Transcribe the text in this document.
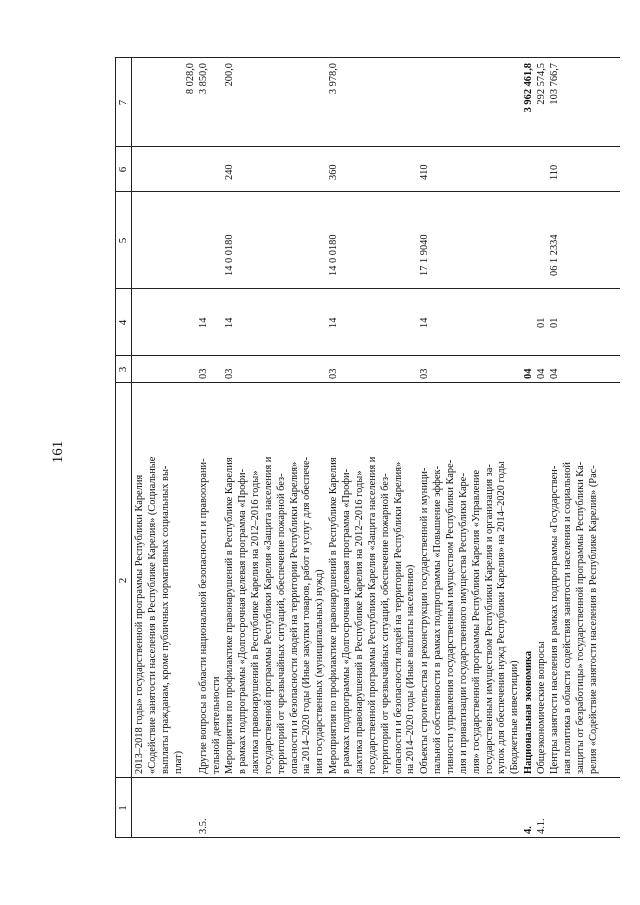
161
1
2
3
4
5
6
7
2013–2018 годы» государственной программы Республики Карелия «Содействие занятости населения в Республике Карелия» (Социальные выплаты гражданам, кроме публичных нормативных социальных вы- плат)
8 028,0
3.5.
Другие вопросы в области национальной безопасности и правоохрани- тельной деятельности
03
14
3 850,0
Мероприятия по профилактике правонарушений в Республике Карелия в рамках подпрограммы «Долгосрочная целевая программа «Профи- лактика правонарушений в Республике Карелия на 2012–2016 годы» государственной программы Республики Карелия «Защита населения и территорий от чрезвычайных ситуаций, обеспечение пожарной без- опасности и безопасности людей на территории Республики Карелия» на 2014–2020 годы (Иные закупки товаров, работ и услуг для обеспече- ния государственных (муниципальных) нужд)
03
14
14 0 0180
240
200,0
Мероприятия по профилактике правонарушений в Республике Карелия в рамках подпрограммы «Долгосрочная целевая программа «Профи- лактика правонарушений в Республике Карелия на 2012–2016 годы» государственной программы Республики Карелия «Защита населения и территорий от чрезвычайных ситуаций, обеспечение пожарной без- опасности и безопасности людей на территории Республики Карелия» на 2014–2020 годы (Иные выплаты населению)
03
14
14 0 0180
360
3 978,0
Объекты строительства и реконструкции государственной и муници- пальной собственности в рамках подпрограммы «Повышение эффек- тивности управления государственным имуществом Республики Каре- лия и приватизации государственного имущества Республики Каре- лия» государственной программы Республики Карелия «Управление государственным имуществом Республики Карелия и организация за- купок для обеспечения нужд Республики Карелия» на 2014–2020 годы (Бюджетные инвестиции)
03
14
17 1 9040
410
4.
Национальная экономика
04
3 962 461,8
4.1.
Общеэкономические вопросы
04
01
292 574,5
Центры занятости населения в рамках подпрограммы «Государствен- ная политика в области содействия занятости населения и социальной защиты от безработицы» государственной программы Республики Ка- релия «Содействие занятости населения в Республике Карелия» (Рас-
04
01
06 1 2334
110
103 766,7
